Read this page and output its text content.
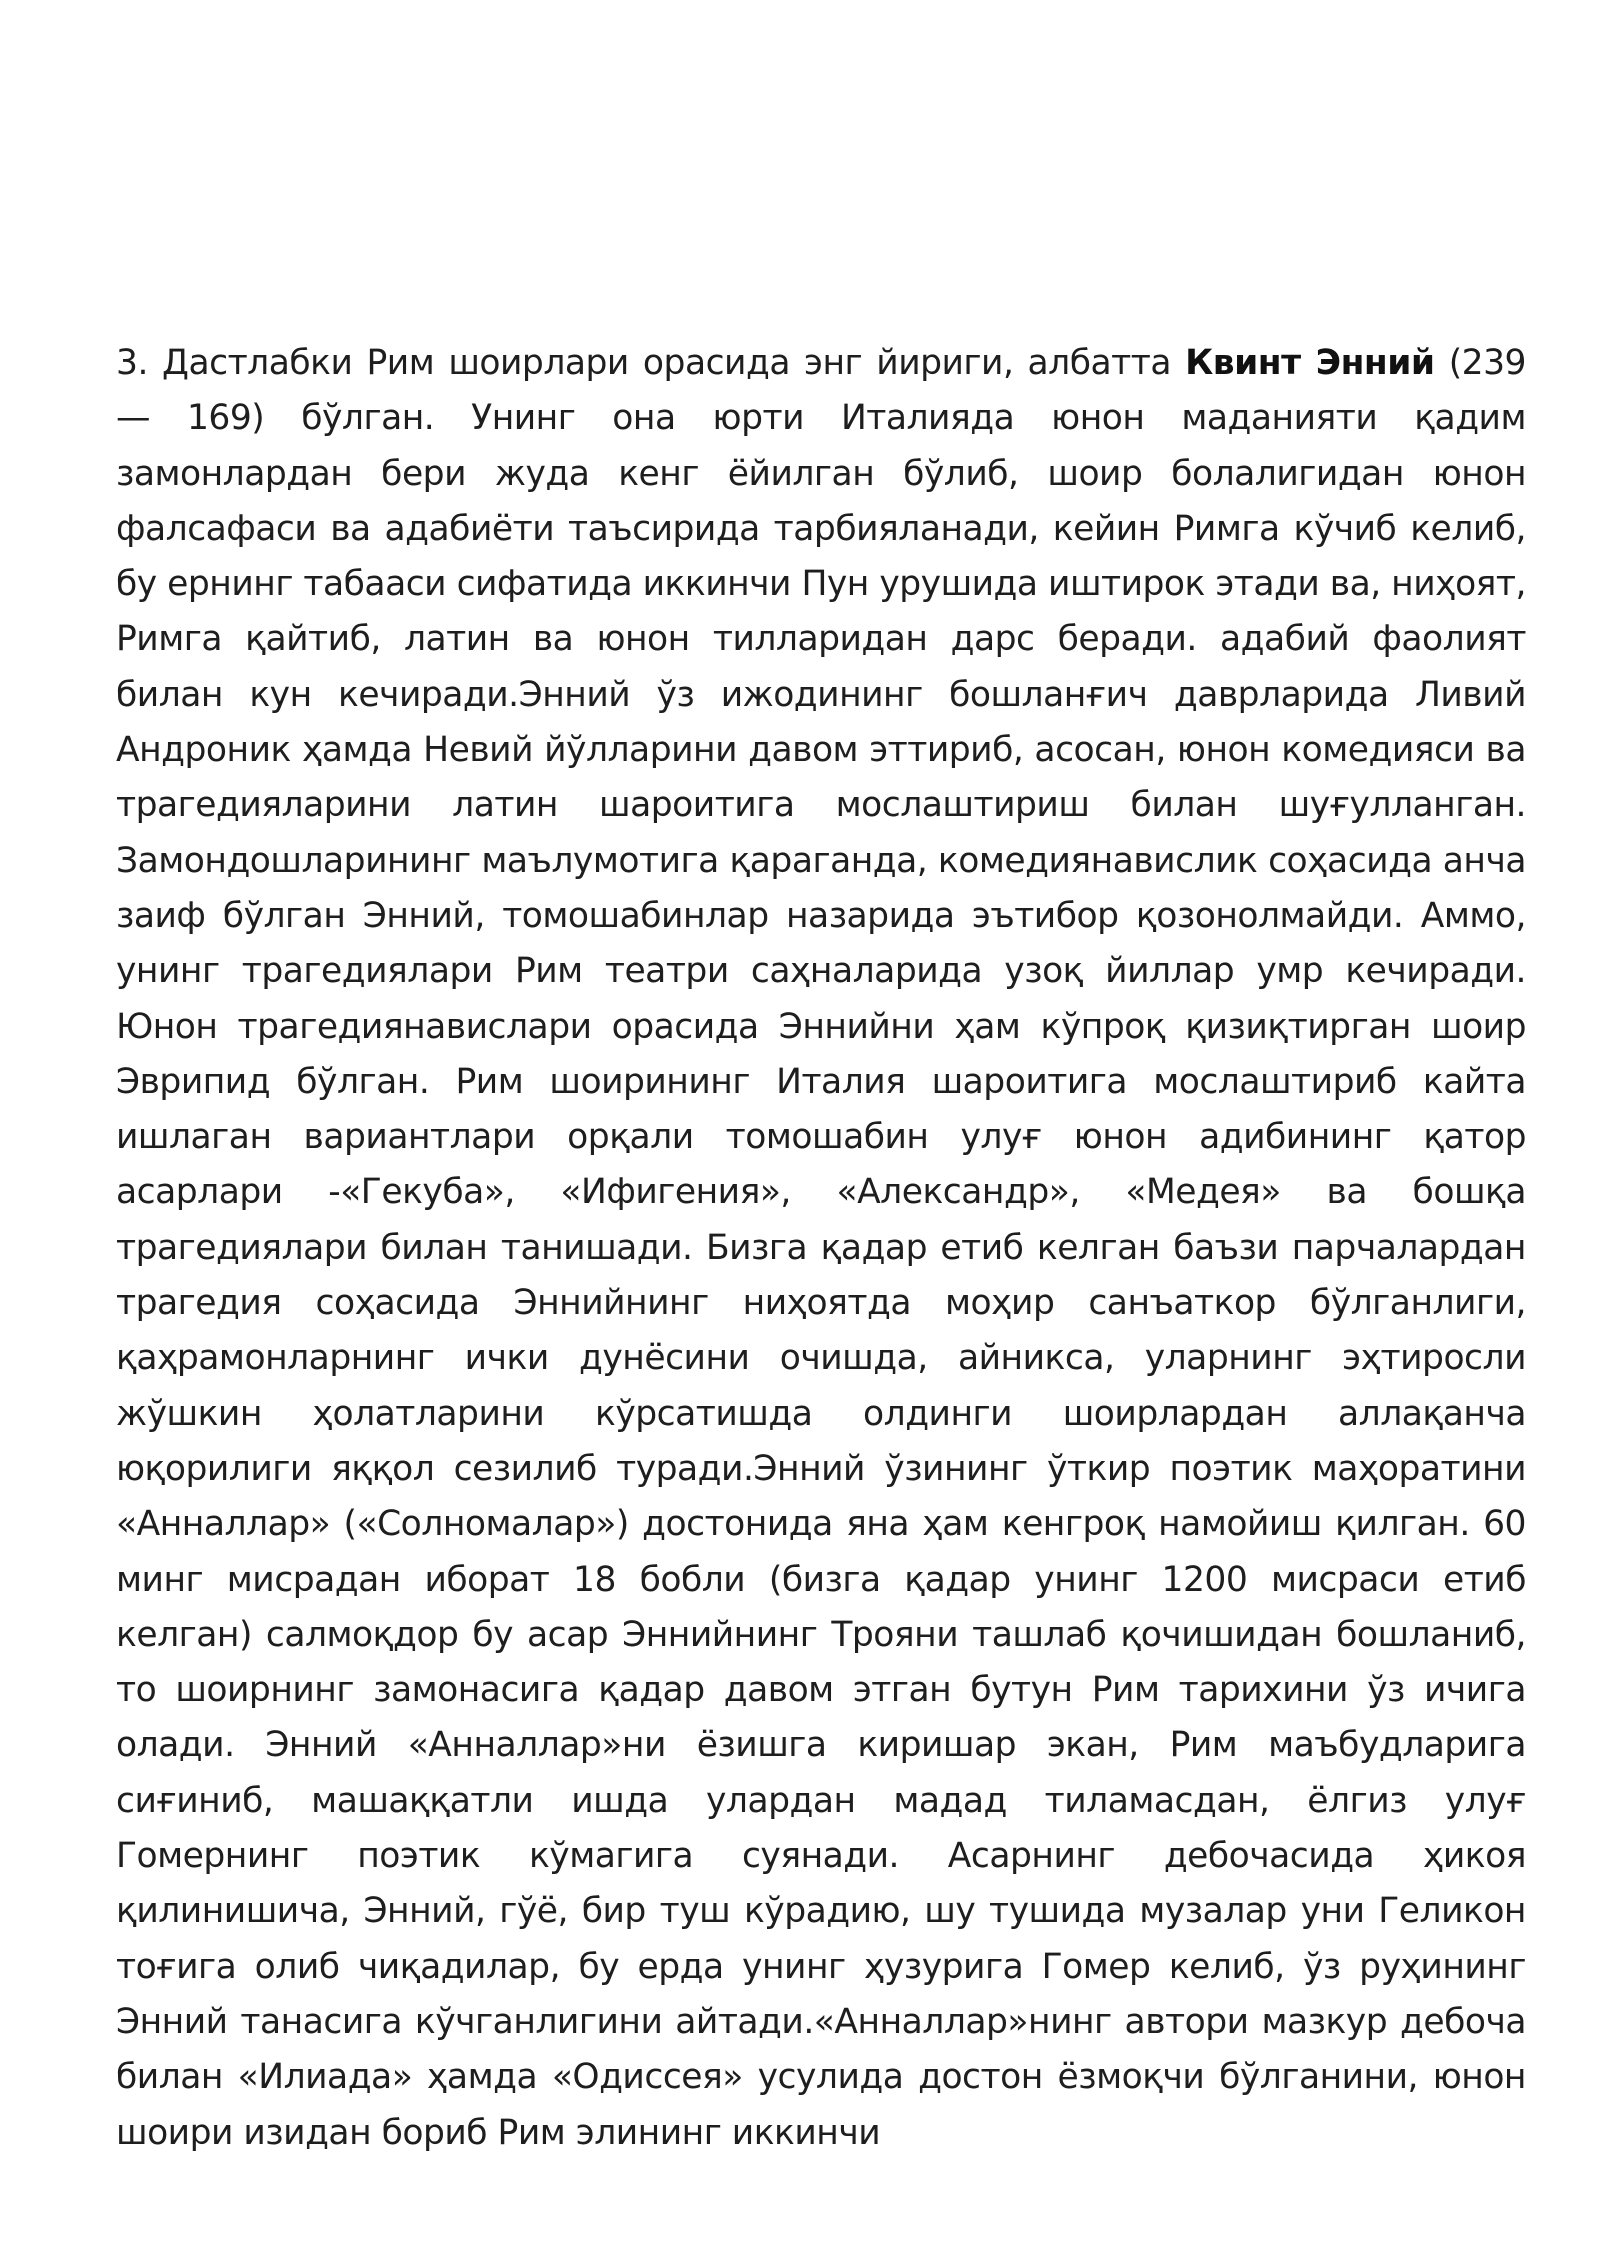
3. Дастлабки Рим шоирлари орасида энг йириги, албатта Квинт Энний (239 — 169) бўлган. Унинг она юрти Италияда юнон маданияти қадим замонлардан бери жуда кенг ёйилган бўлиб, шоир болалигидан юнон фалсафаси ва адабиёти таъсирида тарбияланади, кейин Римга кўчиб келиб, бу ернинг табааси сифатида иккинчи Пун урушида иштирок этади ва, ниҳоят, Римга қайтиб, латин ва юнон тилларидан дарс беради. адабий фаолият билан кун кечиради.Энний ўз ижодининг бошланғич даврларида Ливий Андроник ҳамда Невий йўлларини давом эттириб, асосан, юнон комедияси ва трагедияларини латин шароитига мослаштириш билан шуғулланган. Замондошларининг маълумотига қараганда, комедиянавислик соҳасида анча заиф бўлган Энний, томошабинлар назарида эътибор қозонолмайди. Аммо, унинг трагедиялари Рим театри саҳналарида узоқ йиллар умр кечиради. Юнон трагедиянавислари орасида Эннийни ҳам кўпроқ қизиқтирган шоир Эврипид бўлган. Рим шоирининг Италия шароитига мослаштириб кайта ишлаган вариантлари орқали томошабин улуғ юнон адибининг қатор асарлари -«Гекуба», «Ифигения», «Александр», «Медея» ва бошқа трагедиялари билан танишади. Бизга қадар етиб келган баъзи парчалардан трагедия соҳасида Эннийнинг ниҳоятда моҳир санъаткор бўлганлиги, қаҳрамонларнинг ички дунёсини очишда, айникса, уларнинг эҳтиросли жўшкин ҳолатларини кўрсатишда олдинги шоирлардан аллақанча юқорилиги яққол сезилиб туради.Энний ўзининг ўткир поэтик маҳоратини «Анналлар» («Солномалар») достонида яна ҳам кенгроқ намойиш қилган. 60 минг мисрадан иборат 18 бобли (бизга қадар унинг 1200 мисраси етиб келган) салмоқдор бу асар Эннийнинг Трояни ташлаб қочишидан бошланиб, то шоирнинг замонасига қадар давом этган бутун Рим тарихини ўз ичига олади. Энний «Анналлар»ни ёзишга киришар экан, Рим маъбудларига сиғиниб, машаққатли ишда улардан мадад тиламасдан, ёлгиз улуғ Гомернинг поэтик кўмагига суянади. Асарнинг дебочасида ҳикоя қилинишича, Энний, гўё, бир туш кўрадию, шу тушида музалар уни Геликон тоғига олиб чиқадилар, бу ерда унинг ҳузурига Гомер келиб, ўз руҳининг Энний танасига кўчганлигини айтади.«Анналлар»нинг автори мазкур дебоча билан «Илиада» ҳамда «Одиссея» усулида достон ёзмоқчи бўлганини, юнон шоири изидан бориб Рим элининг иккинчи
